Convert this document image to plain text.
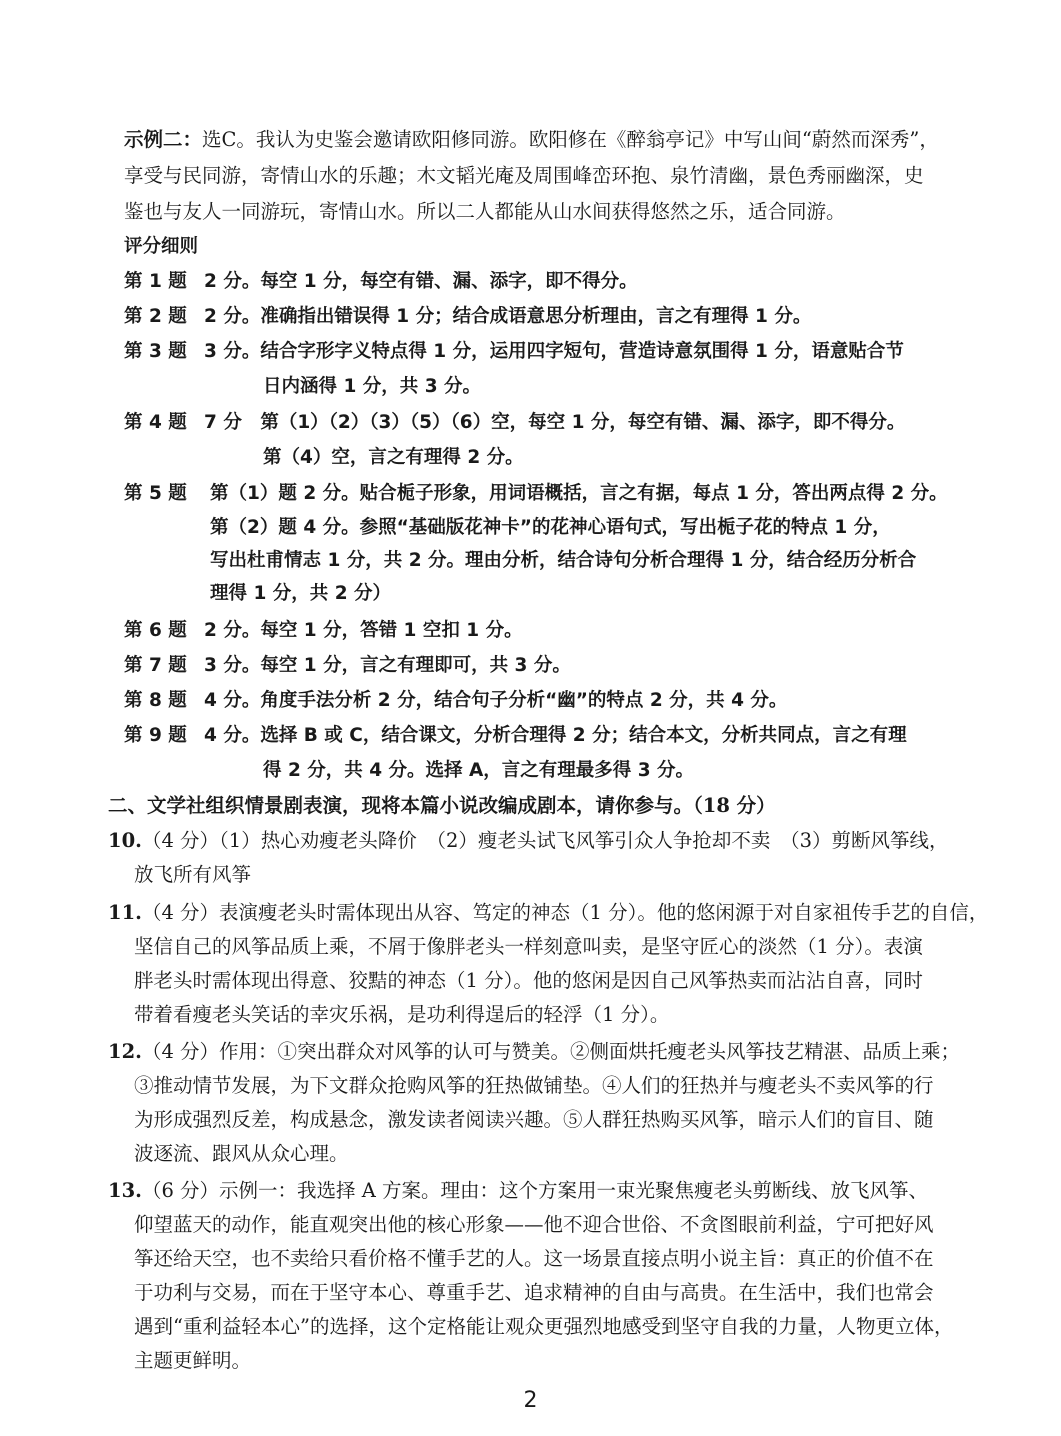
示例二：选C。我认为史鉴会邀请欧阳修同游。欧阳修在《醉翁亭记》中写山间“蔚然而深秀”，
享受与民同游，寄情山水的乐趣；木文韬光庵及周围峰峦环抱、泉竹清幽，景色秀丽幽深，史
鉴也与友人一同游玩，寄情山水。所以二人都能从山水间获得悠然之乐，适合同游。
评分细则
第 1 题 2 分。每空 1 分，每空有错、漏、添字，即不得分。
第 2 题 2 分。准确指出错误得 1 分；结合成语意思分析理由，言之有理得 1 分。
第 3 题 3 分。结合字形字义特点得 1 分，运用四字短句，营造诗意氛围得 1 分，语意贴合节
日内涵得 1 分，共 3 分。
第 4 题 7 分　第（1）（2）（3）（5）（6）空，每空 1 分，每空有错、漏、添字，即不得分。
第（4）空，言之有理得 2 分。
第 5 题 第（1）题 2 分。贴合栀子形象，用词语概括，言之有据，每点 1 分，答出两点得 2 分。
第（2）题 4 分。参照“基础版花神卡”的花神心语句式，写出栀子花的特点 1 分，
写出杜甫情志 1 分，共 2 分。理由分析，结合诗句分析合理得 1 分，结合经历分析合
理得 1 分，共 2 分）
第 6 题 2 分。每空 1 分，答错 1 空扣 1 分。
第 7 题 3 分。每空 1 分，言之有理即可，共 3 分。
第 8 题 4 分。角度手法分析 2 分，结合句子分析“幽”的特点 2 分，共 4 分。
第 9 题 4 分。选择 B 或 C，结合课文，分析合理得 2 分；结合本文，分析共同点，言之有理
得 2 分，共 4 分。选择 A，言之有理最多得 3 分。
二、文学社组织情景剧表演，现将本篇小说改编成剧本，请你参与。（18 分）
10.（4 分）（1）热心劝瘦老头降价　（2）瘦老头试飞风筝引众人争抢却不卖　（3）剪断风筝线，
放飞所有风筝
11.（4 分）表演瘦老头时需体现出从容、笃定的神态（1 分）。他的悠闲源于对自家祖传手艺的自信，
坚信自己的风筝品质上乘，不屑于像胖老头一样刻意叫卖，是坚守匠心的淡然（1 分）。表演
胖老头时需体现出得意、狡黠的神态（1 分）。他的悠闲是因自己风筝热卖而沾沾自喜，同时
带着看瘦老头笑话的幸灾乐祸，是功利得逞后的轻浮（1 分）。
12.（4 分）作用：①突出群众对风筝的认可与赞美。②侧面烘托瘦老头风筝技艺精湛、品质上乘；
③推动情节发展，为下文群众抢购风筝的狂热做铺垫。④人们的狂热并与瘦老头不卖风筝的行
为形成强烈反差，构成悬念，激发读者阅读兴趣。⑤人群狂热购买风筝，暗示人们的盲目、随
波逐流、跟风从众心理。
13.（6 分）示例一：我选择 A 方案。理由：这个方案用一束光聚焦瘦老头剪断线、放飞风筝、
仰望蓝天的动作，能直观突出他的核心形象——他不迎合世俗、不贪图眼前利益，宁可把好风
筝还给天空，也不卖给只看价格不懂手艺的人。这一场景直接点明小说主旨：真正的价值不在
于功利与交易，而在于坚守本心、尊重手艺、追求精神的自由与高贵。在生活中，我们也常会
遇到“重利益轻本心”的选择，这个定格能让观众更强烈地感受到坚守自我的力量，人物更立体，
主题更鲜明。
2
